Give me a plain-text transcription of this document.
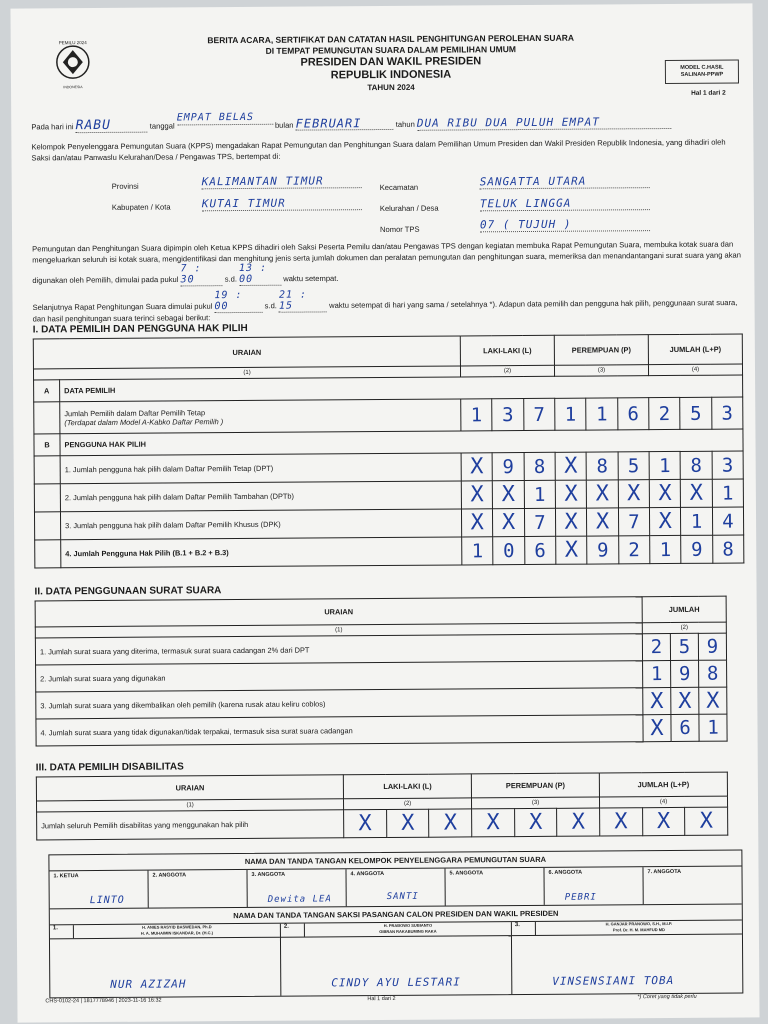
PEMILU 2024
INDONESIA
BERITA ACARA, SERTIFIKAT DAN CATATAN HASIL PENGHITUNGAN PEROLEHAN SUARA
DI TEMPAT PEMUNGUTAN SUARA DALAM PEMILIHAN UMUM
PRESIDEN DAN WAKIL PRESIDEN
REPUBLIK INDONESIA
TAHUN 2024
MODEL C.HASIL
SALINAN-PPWP
Hal 1 dari 2
Pada hari ini RABU	tanggal EMPAT BELAS bulan FEBRUARI	tahun DUA RIBU DUA PULUH EMPAT
Kelompok Penyelenggara Pemungutan Suara (KPPS) mengadakan Rapat Pemungutan dan Penghitungan Suara dalam Pemilihan Umum Presiden dan Wakil Presiden Republik Indonesia, yang dihadiri oleh Saksi dan/atau Panwaslu Kelurahan/Desa / Pengawas TPS, bertempat di:
Provinsi	KALIMANTAN TIMUR
Kabupaten / Kota	KUTAI TIMUR
Kecamatan	SANGATTA UTARA
Kelurahan / Desa	TELUK LINGGA
Nomor TPS	07 ( TUJUH )
Pemungutan dan Penghitungan Suara dipimpin oleh Ketua KPPS dihadiri oleh Saksi Peserta Pemilu dan/atau Pengawas TPS dengan kegiatan membuka Rapat Pemungutan Suara, membuka kotak suara dan mengeluarkan seluruh isi kotak suara, mengidentifikasi dan menghitung jenis serta jumlah dokumen dan peralatan pemungutan dan penghitungan suara, memeriksa dan menandantangani surat suara yang akan digunakan oleh Pemilih, dimulai pada pukul 7 : 30	s.d. 13 : 00	waktu setempat.
Selanjutnya Rapat Penghitungan Suara dimulai pukul 19 : 00	s.d. 21 : 15	waktu setempat di hari yang sama / setelahnya *). Adapun data pemilih dan pengguna hak pilih, penggunaan surat suara, dan hasil penghitungan suara terinci sebagai berikut:
I. DATA PEMILIH DAN PENGGUNA HAK PILIH
URAIAN		LAKI-LAKI (L)			PEREMPUAN (P)			JUMLAH (L+P)		
(1)		(2)			(3)			(4)		
A	DATA PEMILIH									

	Jumlah Pemilih dalam Daftar Pemilih Tetap
(Terdapat dalam Model A-Kabko Daftar Pemilih )	1	3	7	1	1	6	2	5	3
B	PENGGUNA HAK PILIH									
	1. Jumlah pengguna hak pilih dalam Daftar Pemilih Tetap (DPT)	X	9	8	X	8	5	1	8	3
	2. Jumlah pengguna hak pilih dalam Daftar Pemilih Tambahan (DPTb)	X	X	1	X	X	X	X	X	1
	3. Jumlah pengguna hak pilih dalam Daftar Pemilih Khusus (DPK)	X	X	7	X	X	7	X	1	4
	4. Jumlah Pengguna Hak Pilih (B.1 + B.2 + B.3)	1	0	6	X	9	2	1	9	8
II. DATA PENGGUNAAN SURAT SUARA
URAIAN	JUMLAH		
(1)	(2)		
1. Jumlah surat suara yang diterima, termasuk surat suara cadangan 2% dari DPT	2	5	9
2. Jumlah surat suara yang digunakan	1	9	8
3. Jumlah surat suara yang dikembalikan oleh pemilih (karena rusak atau keliru coblos)	X	X	X
4. Jumlah surat suara yang tidak digunakan/tidak terpakai, termasuk sisa surat suara cadangan	X	6	1
III. DATA PEMILIH DISABILITAS
URAIAN	LAKI-LAKI (L)			PEREMPUAN (P)			JUMLAH (L+P)		
(1)	(2)			(3)			(4)		
Jumlah seluruh Pemilih disabilitas yang menggunakan hak pilih	X	X	X	X	X	X	X	X	X
NAMA DAN TANDA TANGAN KELOMPOK PENYELENGGARA PEMUNGUTAN SUARA
1. KETUA
LINTO
2. ANGGOTA	3. ANGGOTA
Dewita LEA
4. ANGGOTA
SANTI
5. ANGGOTA	6. ANGGOTA
PEBRI
7. ANGGOTA
NAMA DAN TANDA TANGAN SAKSI PASANGAN CALON PRESIDEN DAN WAKIL PRESIDEN
1.	H. ANIES RASYID BASWEDAN, Ph.D
H. A. MUHAIMIN ISKANDAR, Dr. (H.C.)
NUR AZIZAH
2.	H. PRABOWO SUBIANTO
GIBRAN RAKABUMING RAKA
CINDY AYU LESTARI
3.	H. GANJAR PRANOWO, S.H., M.I.P.
Prof. Dr. H. M. MAHFUD MD
VINSENSIANI TOBA
CHS-0102-24 | 1817778946 | 2023-11-16 16:32	Hal 1 dari 2	*) Coret yang tidak perlu
